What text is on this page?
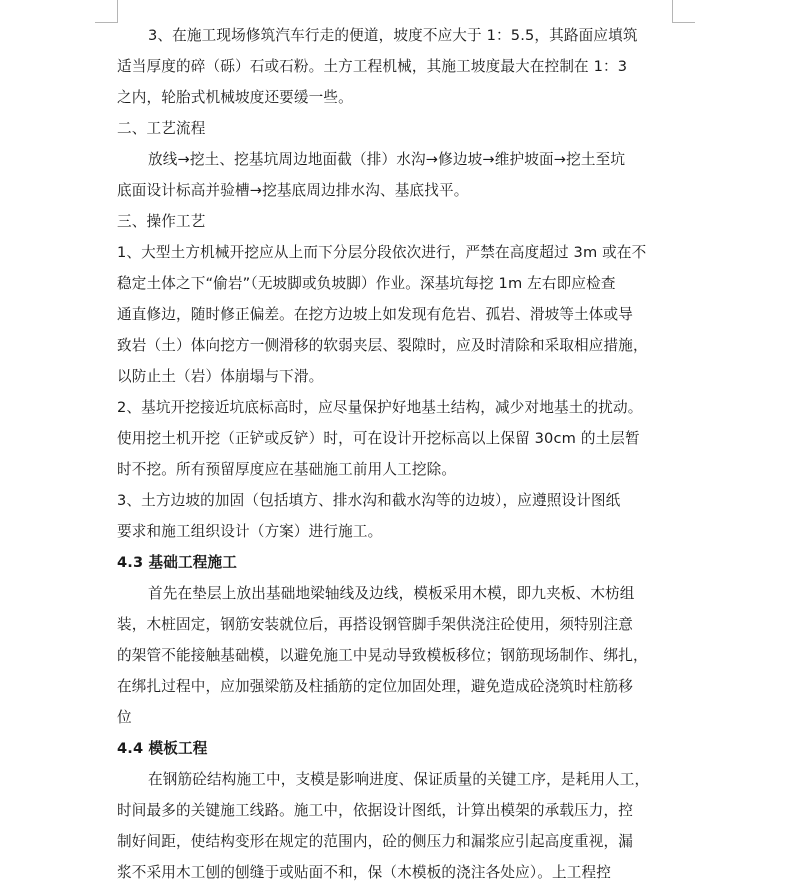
3、在施工现场修筑汽车行走的便道，坡度不应大于 1：5.5，其路面应填筑
适当厚度的碎（砾）石或石粉。土方工程机械，其施工坡度最大在控制在 1：3
之内，轮胎式机械坡度还要缓一些。
二、工艺流程
放线→挖土、挖基坑周边地面截（排）水沟→修边坡→维护坡面→挖土至坑
底面设计标高并验槽→挖基底周边排水沟、基底找平。
三、操作工艺
1、大型土方机械开挖应从上而下分层分段依次进行，严禁在高度超过 3m 或在不
稳定土体之下“偷岩”（无坡脚或负坡脚）作业。深基坑每挖 1m 左右即应检查
通直修边，随时修正偏差。在挖方边坡上如发现有危岩、孤岩、滑坡等土体或导
致岩（土）体向挖方一侧滑移的软弱夹层、裂隙时，应及时清除和采取相应措施，
以防止土（岩）体崩塌与下滑。
2、基坑开挖接近坑底标高时，应尽量保护好地基土结构，减少对地基土的扰动。
使用挖土机开挖（正铲或反铲）时，可在设计开挖标高以上保留 30cm 的土层暂
时不挖。所有预留厚度应在基础施工前用人工挖除。
3、土方边坡的加固（包括填方、排水沟和截水沟等的边坡），应遵照设计图纸
要求和施工组织设计（方案）进行施工。
4.3 基础工程施工
首先在垫层上放出基础地梁轴线及边线，模板采用木模，即九夹板、木枋组
装，木桩固定，钢筋安装就位后，再搭设钢管脚手架供浇注砼使用，须特别注意
的架管不能接触基础模，以避免施工中晃动导致模板移位；钢筋现场制作、绑扎，
在绑扎过程中，应加强梁筋及柱插筋的定位加固处理，避免造成砼浇筑时柱筋移
位
4.4 模板工程
在钢筋砼结构施工中，支模是影响进度、保证质量的关键工序，是耗用人工，
时间最多的关键施工线路。施工中，依据设计图纸，计算出模架的承载压力，控
制好间距，使结构变形在规定的范围内，砼的侧压力和漏浆应引起高度重视，漏
浆不采用木工刨的刨缝于或贴面不和，保（木模板的浇注各处应）。上工程控
